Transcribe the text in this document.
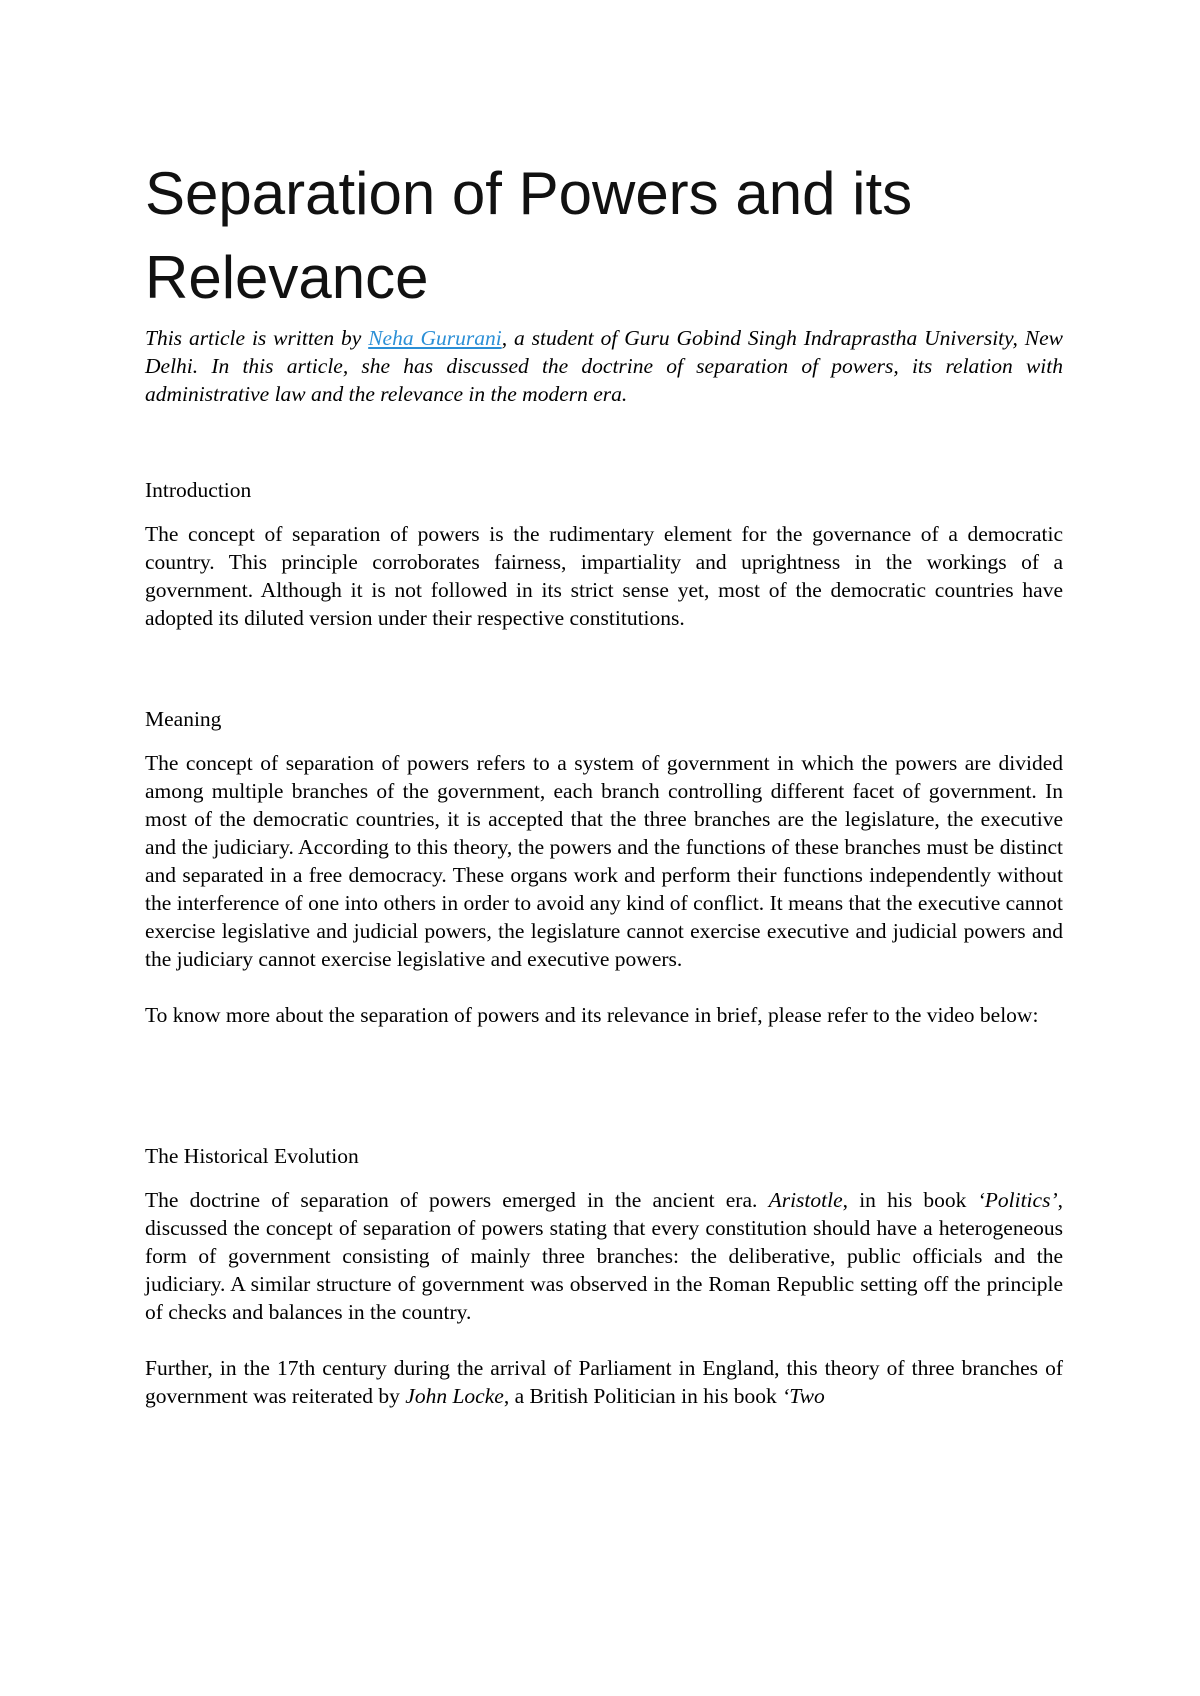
Separation of Powers and its Relevance

This article is written by Neha Gururani, a student of Guru Gobind Singh Indraprastha University, New Delhi. In this article, she has discussed the doctrine of separation of powers, its relation with administrative law and the relevance in the modern era.

Introduction

The concept of separation of powers is the rudimentary element for the governance of a democratic country. This principle corroborates fairness, impartiality and uprightness in the workings of a government. Although it is not followed in its strict sense yet, most of the democratic countries have adopted its diluted version under their respective constitutions.

Meaning

The concept of separation of powers refers to a system of government in which the powers are divided among multiple branches of the government, each branch controlling different facet of government. In most of the democratic countries, it is accepted that the three branches are the legislature, the executive and the judiciary. According to this theory, the powers and the functions of these branches must be distinct and separated in a free democracy. These organs work and perform their functions independently without the interference of one into others in order to avoid any kind of conflict. It means that the executive cannot exercise legislative and judicial powers, the legislature cannot exercise executive and judicial powers and the judiciary cannot exercise legislative and executive powers.

To know more about the separation of powers and its relevance in brief, please refer to the video below:

The Historical Evolution

The doctrine of separation of powers emerged in the ancient era. Aristotle, in his book ‘Politics’, discussed the concept of separation of powers stating that every constitution should have a heterogeneous form of government consisting of mainly three branches: the deliberative, public officials and the judiciary. A similar structure of government was observed in the Roman Republic setting off the principle of checks and balances in the country.

Further, in the 17th century during the arrival of Parliament in England, this theory of three branches of government was reiterated by John Locke, a British Politician in his book ‘Two
